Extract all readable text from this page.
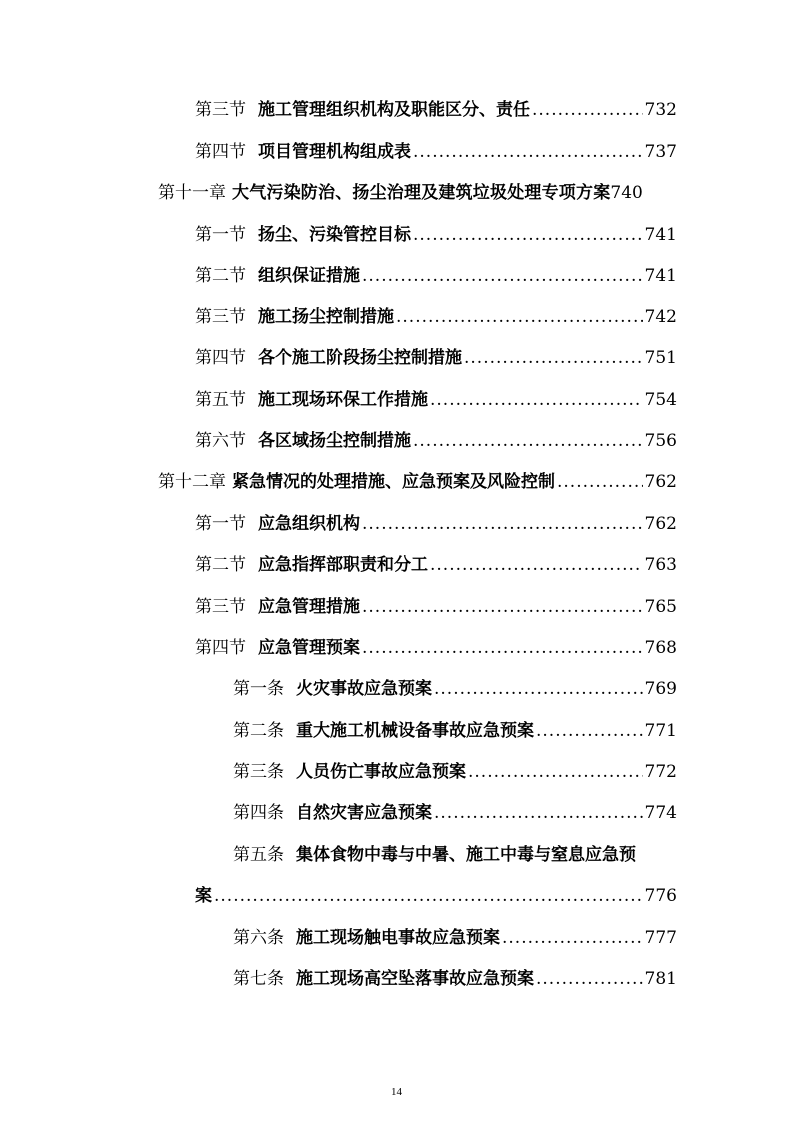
第三节 施工管理组织机构及职能区分、责任 .....	732
第四节 项目管理机构组成表 .....	737
第十一章 大气污染防治、扬尘治理及建筑垃圾处理专项方案 740
第一节 扬尘、污染管控目标 .....	741
第二节 组织保证措施 .....	741
第三节 施工扬尘控制措施 .....	742
第四节 各个施工阶段扬尘控制措施 .....	751
第五节 施工现场环保工作措施 .....	754
第六节 各区域扬尘控制措施 .....	756
第十二章 紧急情况的处理措施、应急预案及风险控制 .....	762
第一节 应急组织机构 .....	762
第二节 应急指挥部职责和分工 .....	763
第三节 应急管理措施 .....	765
第四节 应急管理预案 .....	768
第一条 火灾事故应急预案 .....	769
第二条 重大施工机械设备事故应急预案 .....	771
第三条 人员伤亡事故应急预案 .....	772
第四条 自然灾害应急预案 .....	774
第五条 集体食物中毒与中暑、施工中毒与窒息应急预
案 .....	776
第六条 施工现场触电事故应急预案 .....	777
第七条 施工现场高空坠落事故应急预案 .....	781
14
